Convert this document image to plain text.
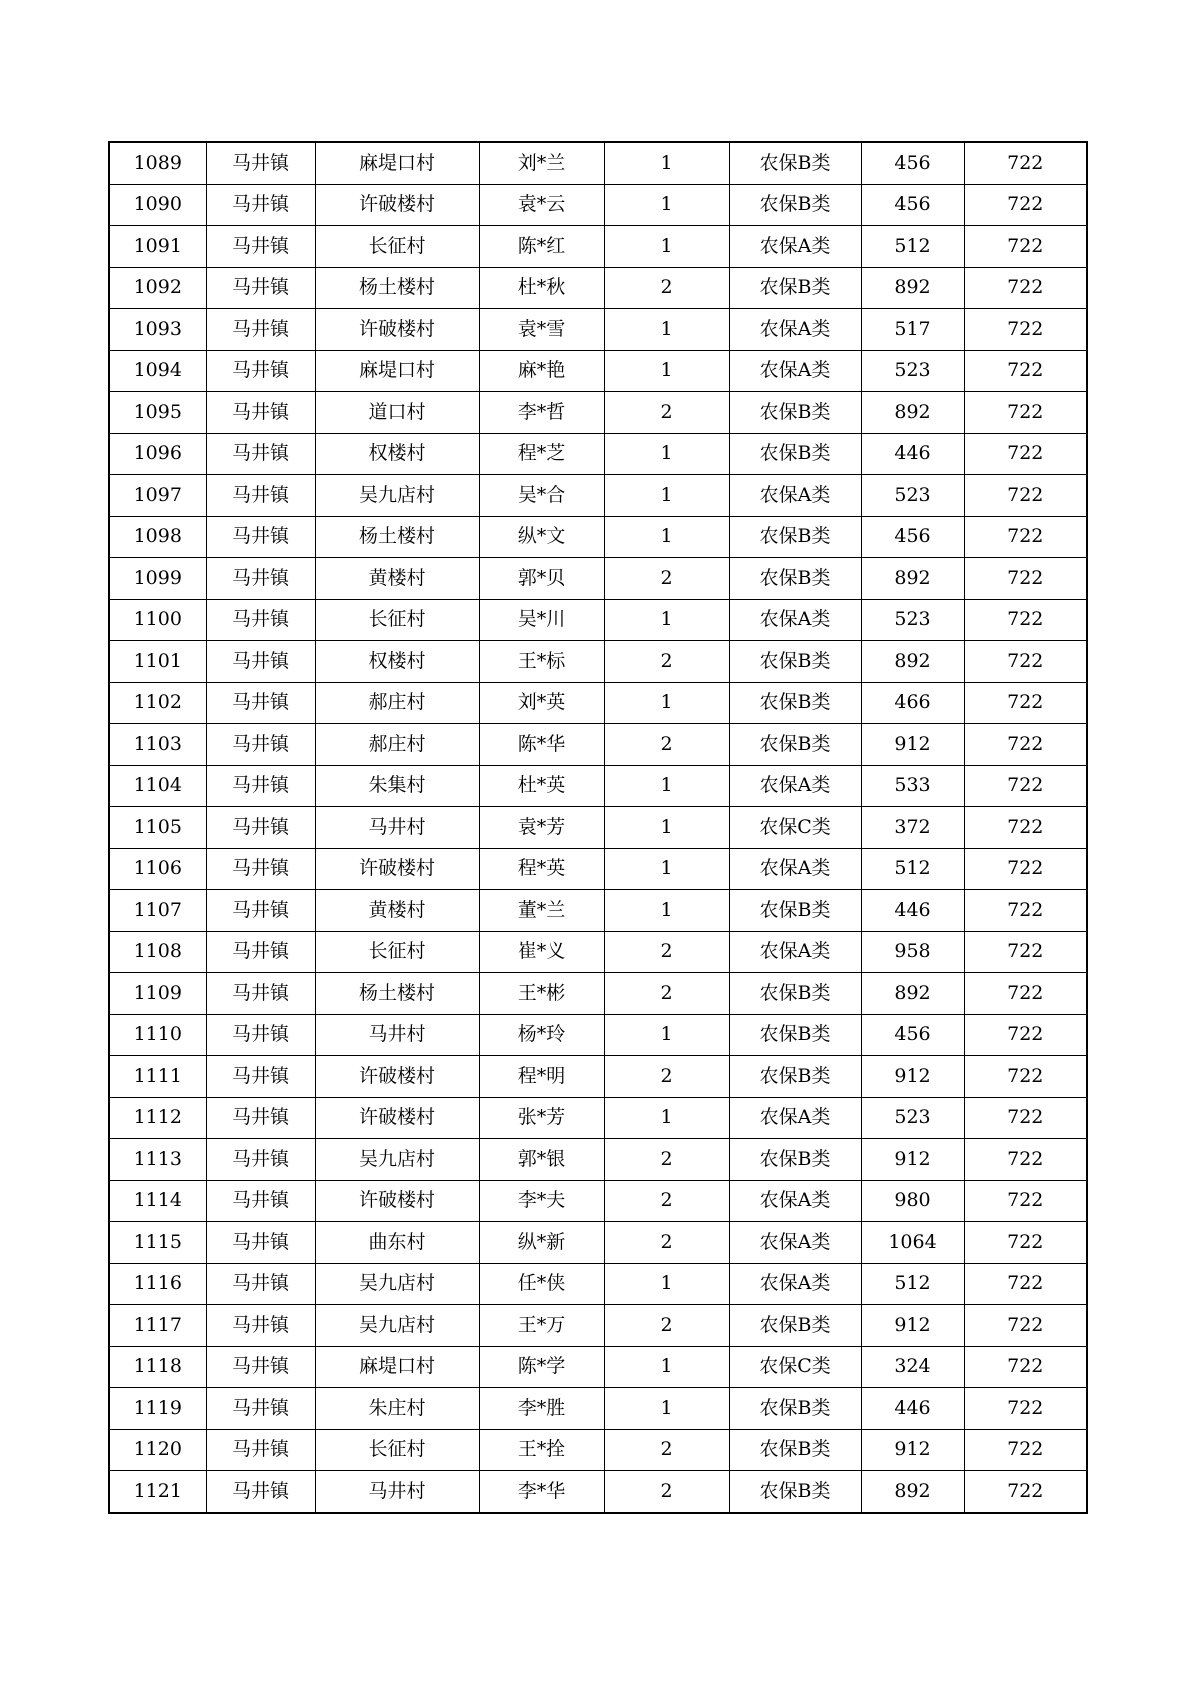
1089	马井镇	麻堤口村	刘*兰	1	农保B类	456	722
1090	马井镇	许破楼村	袁*云	1	农保B类	456	722
1091	马井镇	长征村	陈*红	1	农保A类	512	722
1092	马井镇	杨土楼村	杜*秋	2	农保B类	892	722
1093	马井镇	许破楼村	袁*雪	1	农保A类	517	722
1094	马井镇	麻堤口村	麻*艳	1	农保A类	523	722
1095	马井镇	道口村	李*哲	2	农保B类	892	722
1096	马井镇	权楼村	程*芝	1	农保B类	446	722
1097	马井镇	吴九店村	吴*合	1	农保A类	523	722
1098	马井镇	杨土楼村	纵*文	1	农保B类	456	722
1099	马井镇	黄楼村	郭*贝	2	农保B类	892	722
1100	马井镇	长征村	吴*川	1	农保A类	523	722
1101	马井镇	权楼村	王*标	2	农保B类	892	722
1102	马井镇	郝庄村	刘*英	1	农保B类	466	722
1103	马井镇	郝庄村	陈*华	2	农保B类	912	722
1104	马井镇	朱集村	杜*英	1	农保A类	533	722
1105	马井镇	马井村	袁*芳	1	农保C类	372	722
1106	马井镇	许破楼村	程*英	1	农保A类	512	722
1107	马井镇	黄楼村	董*兰	1	农保B类	446	722
1108	马井镇	长征村	崔*义	2	农保A类	958	722
1109	马井镇	杨土楼村	王*彬	2	农保B类	892	722
1110	马井镇	马井村	杨*玲	1	农保B类	456	722
1111	马井镇	许破楼村	程*明	2	农保B类	912	722
1112	马井镇	许破楼村	张*芳	1	农保A类	523	722
1113	马井镇	吴九店村	郭*银	2	农保B类	912	722
1114	马井镇	许破楼村	李*夫	2	农保A类	980	722
1115	马井镇	曲东村	纵*新	2	农保A类	1064	722
1116	马井镇	吴九店村	任*侠	1	农保A类	512	722
1117	马井镇	吴九店村	王*万	2	农保B类	912	722
1118	马井镇	麻堤口村	陈*学	1	农保C类	324	722
1119	马井镇	朱庄村	李*胜	1	农保B类	446	722
1120	马井镇	长征村	王*拴	2	农保B类	912	722
1121	马井镇	马井村	李*华	2	农保B类	892	722
